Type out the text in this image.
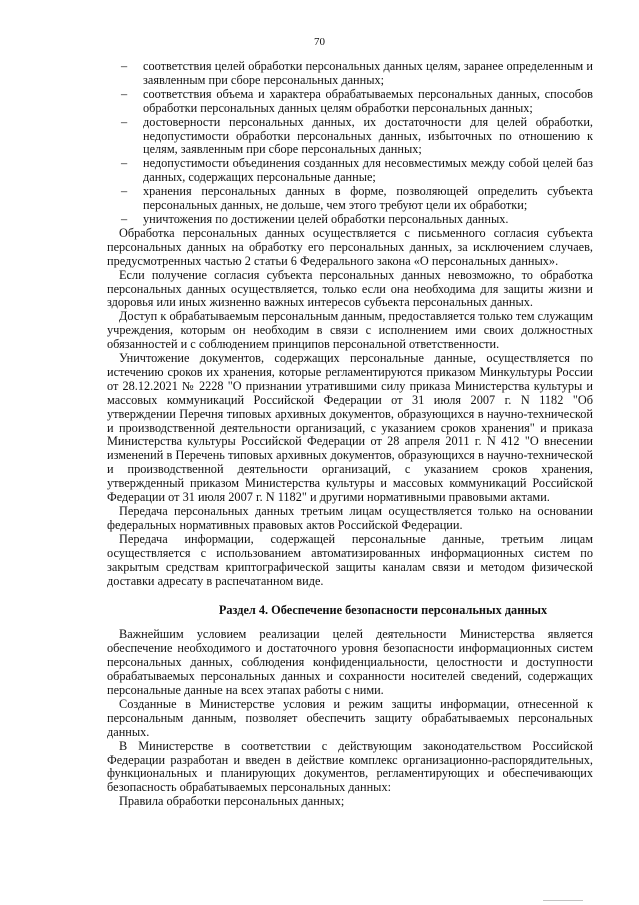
70
– соответствия целей обработки персональных данных целям, заранее определенным и заявленным при сборе персональных данных;
– соответствия объема и характера обрабатываемых персональных данных, способов обработки персональных данных целям обработки персональных данных;
– достоверности персональных данных, их достаточности для целей обработки, недопустимости обработки персональных данных, избыточных по отношению к целям, заявленным при сборе персональных данных;
– недопустимости объединения созданных для несовместимых между собой целей баз данных, содержащих персональные данные;
– хранения персональных данных в форме, позволяющей определить субъекта персональных данных, не дольше, чем этого требуют цели их обработки;
– уничтожения по достижении целей обработки персональных данных.

Обработка персональных данных осуществляется с письменного согласия субъекта персональных данных на обработку его персональных данных, за исключением случаев, предусмотренных частью 2 статьи 6 Федерального закона «О персональных данных».

Если получение согласия субъекта персональных данных невозможно, то обработка персональных данных осуществляется, только если она необходима для защиты жизни и здоровья или иных жизненно важных интересов субъекта персональных данных.

Доступ к обрабатываемым персональным данным, предоставляется только тем служащим учреждения, которым он необходим в связи с исполнением ими своих должностных обязанностей и с соблюдением принципов персональной ответственности.

Уничтожение документов, содержащих персональные данные, осуществляется по истечению сроков их хранения, которые регламентируются приказом Минкультуры России от 28.12.2021 № 2228 "О признании утратившими силу приказа Министерства культуры и массовых коммуникаций Российской Федерации от 31 июля 2007 г. N 1182 "Об утверждении Перечня типовых архивных документов, образующихся в научно-технической и производственной деятельности организаций, с указанием сроков хранения" и приказа Министерства культуры Российской Федерации от 28 апреля 2011 г. N 412 "О внесении изменений в Перечень типовых архивных документов, образующихся в научно-технической и производственной деятельности организаций, с указанием сроков хранения, утвержденный приказом Министерства культуры и массовых коммуникаций Российской Федерации от 31 июля 2007 г. N 1182" и другими нормативными правовыми актами.

Передача персональных данных третьим лицам осуществляется только на основании федеральных нормативных правовых актов Российской Федерации.

Передача информации, содержащей персональные данные, третьим лицам осуществляется с использованием автоматизированных информационных систем по закрытым средствам криптографической защиты каналам связи и методом физической доставки адресату в распечатанном виде.

Раздел 4. Обеспечение безопасности персональных данных

Важнейшим условием реализации целей деятельности Министерства является обеспечение необходимого и достаточного уровня безопасности информационных систем персональных данных, соблюдения конфиденциальности, целостности и доступности обрабатываемых персональных данных и сохранности носителей сведений, содержащих персональные данные на всех этапах работы с ними.

Созданные в Министерстве условия и режим защиты информации, отнесенной к персональным данным, позволяет обеспечить защиту обрабатываемых персональных данных.

В Министерстве в соответствии с действующим законодательством Российской Федерации разработан и введен в действие комплекс организационно-распорядительных, функциональных и планирующих документов, регламентирующих и обеспечивающих безопасность обрабатываемых персональных данных:

Правила обработки персональных данных;
